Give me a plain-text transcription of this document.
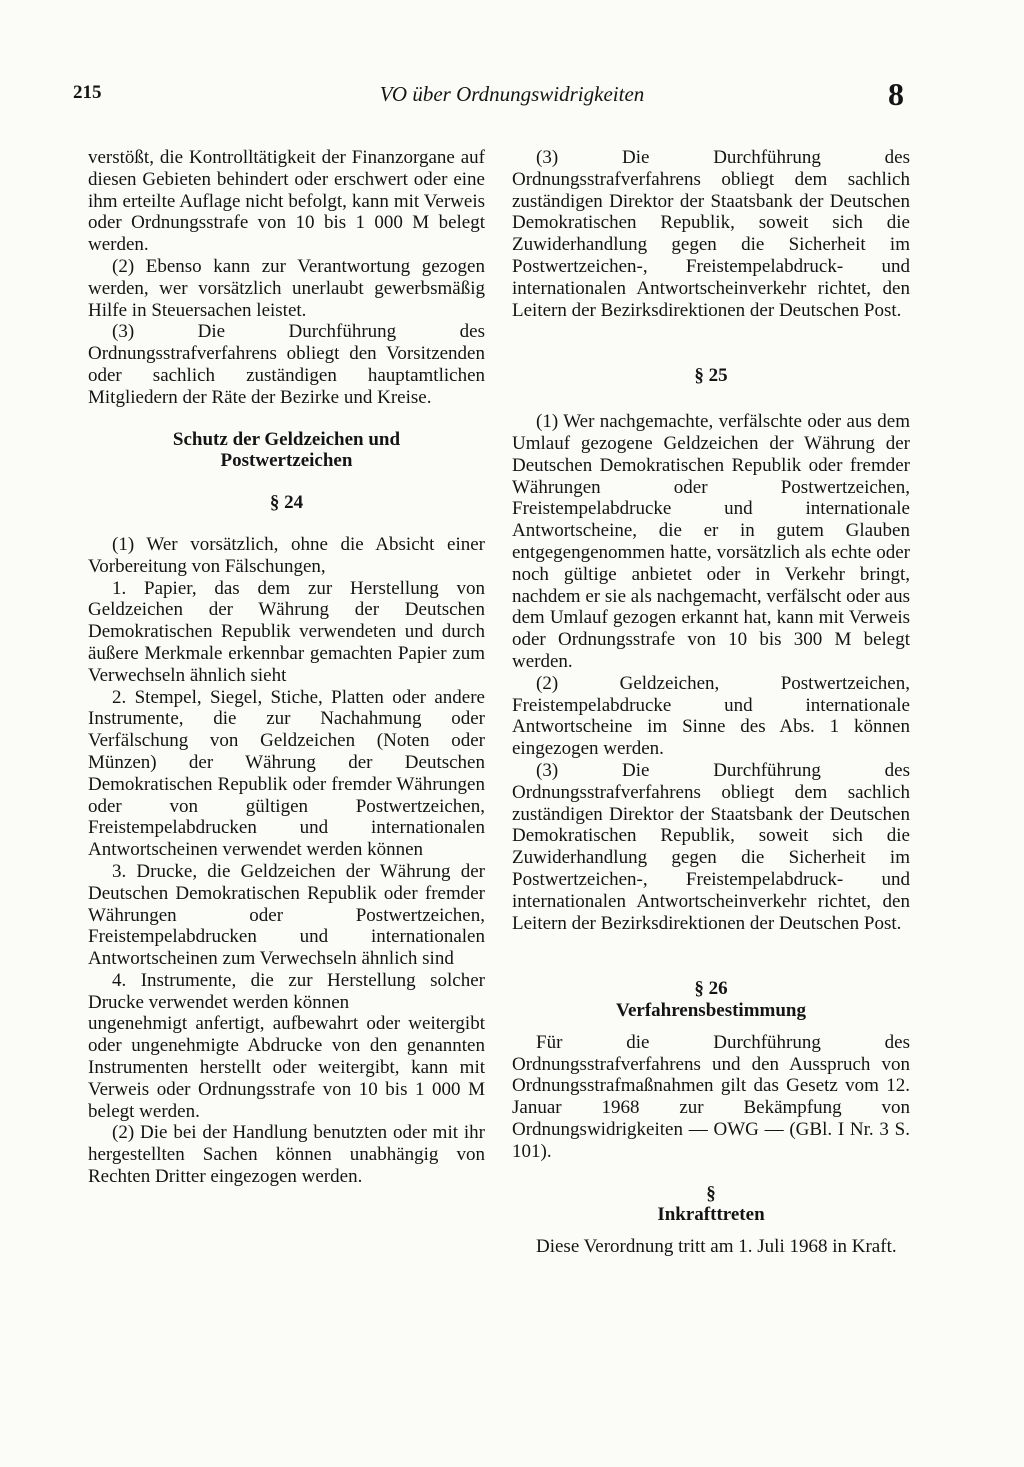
215	VO über Ordnungswidrigkeiten	8

verstößt, die Kontrolltätigkeit der Finanzorgane auf diesen Gebieten behindert oder erschwert oder eine ihm erteilte Auflage nicht befolgt, kann mit Verweis oder Ordnungsstrafe von 10 bis 1 000 M belegt werden.

(2) Ebenso kann zur Verantwortung gezogen werden, wer vorsätzlich unerlaubt gewerbsmäßig Hilfe in Steuersachen leistet.

(3) Die Durchführung des Ordnungsstrafverfahrens obliegt den Vorsitzenden oder sachlich zuständigen hauptamtlichen Mitgliedern der Räte der Bezirke und Kreise.

Schutz der Geldzeichen und

Postwertzeichen

§ 24

(1) Wer vorsätzlich, ohne die Absicht einer Vorbereitung von Fälschungen,

1. Papier, das dem zur Herstellung von Geldzeichen der Währung der Deutschen Demokratischen Republik verwendeten und durch äußere Merkmale erkennbar gemachten Papier zum Verwechseln ähnlich sieht

2. Stempel, Siegel, Stiche, Platten oder andere Instrumente, die zur Nachahmung oder Verfälschung von Geldzeichen (Noten oder Münzen) der Währung der Deutschen Demokratischen Republik oder fremder Währungen oder von gültigen Postwertzeichen, Freistempelabdrucken und internationalen Antwortscheinen verwendet werden können

3. Drucke, die Geldzeichen der Währung der Deutschen Demokratischen Republik oder fremder Währungen oder Postwertzeichen, Freistempelabdrucken und internationalen Antwortscheinen zum Verwechseln ähnlich sind

4. Instrumente, die zur Herstellung solcher Drucke verwendet werden können

ungenehmigt anfertigt, aufbewahrt oder weitergibt oder ungenehmigte Abdrucke von den genannten Instrumenten herstellt oder weitergibt, kann mit Verweis oder Ordnungsstrafe von 10 bis 1 000 M belegt werden.

(2) Die bei der Handlung benutzten oder mit ihr hergestellten Sachen können unabhängig von Rechten Dritter eingezogen werden.

(3) Die Durchführung des Ordnungsstrafverfahrens obliegt dem sachlich zuständigen Direktor der Staatsbank der Deutschen Demokratischen Republik, soweit sich die Zuwiderhandlung gegen die Sicherheit im Postwertzeichen-, Freistempelabdruck- und internationalen Antwortscheinverkehr richtet, den Leitern der Bezirksdirektionen der Deutschen Post.

§ 25

(1) Wer nachgemachte, verfälschte oder aus dem Umlauf gezogene Geldzeichen der Währung der Deutschen Demokratischen Republik oder fremder Währungen oder Postwertzeichen, Freistempelabdrucke und internationale Antwortscheine, die er in gutem Glauben entgegengenommen hatte, vorsätzlich als echte oder noch gültige anbietet oder in Verkehr bringt, nachdem er sie als nachgemacht, verfälscht oder aus dem Umlauf gezogen erkannt hat, kann mit Verweis oder Ordnungsstrafe von 10 bis 300 M belegt werden.

(2) Geldzeichen, Postwertzeichen, Freistempelabdrucke und internationale Antwortscheine im Sinne des Abs. 1 können eingezogen werden.

(3) Die Durchführung des Ordnungsstrafverfahrens obliegt dem sachlich zuständigen Direktor der Staatsbank der Deutschen Demokratischen Republik, soweit sich die Zuwiderhandlung gegen die Sicherheit im Postwertzeichen-, Freistempelabdruck- und internationalen Antwortscheinverkehr richtet, den Leitern der Bezirksdirektionen der Deutschen Post.

§ 26

Verfahrensbestimmung

Für die Durchführung des Ordnungsstrafverfahrens und den Ausspruch von Ordnungsstrafmaßnahmen gilt das Gesetz vom 12. Januar 1968 zur Bekämpfung von Ordnungswidrigkeiten — OWG — (GBl. I Nr. 3 S. 101).

§

Inkrafttreten

Diese Verordnung tritt am 1. Juli 1968 in Kraft.
